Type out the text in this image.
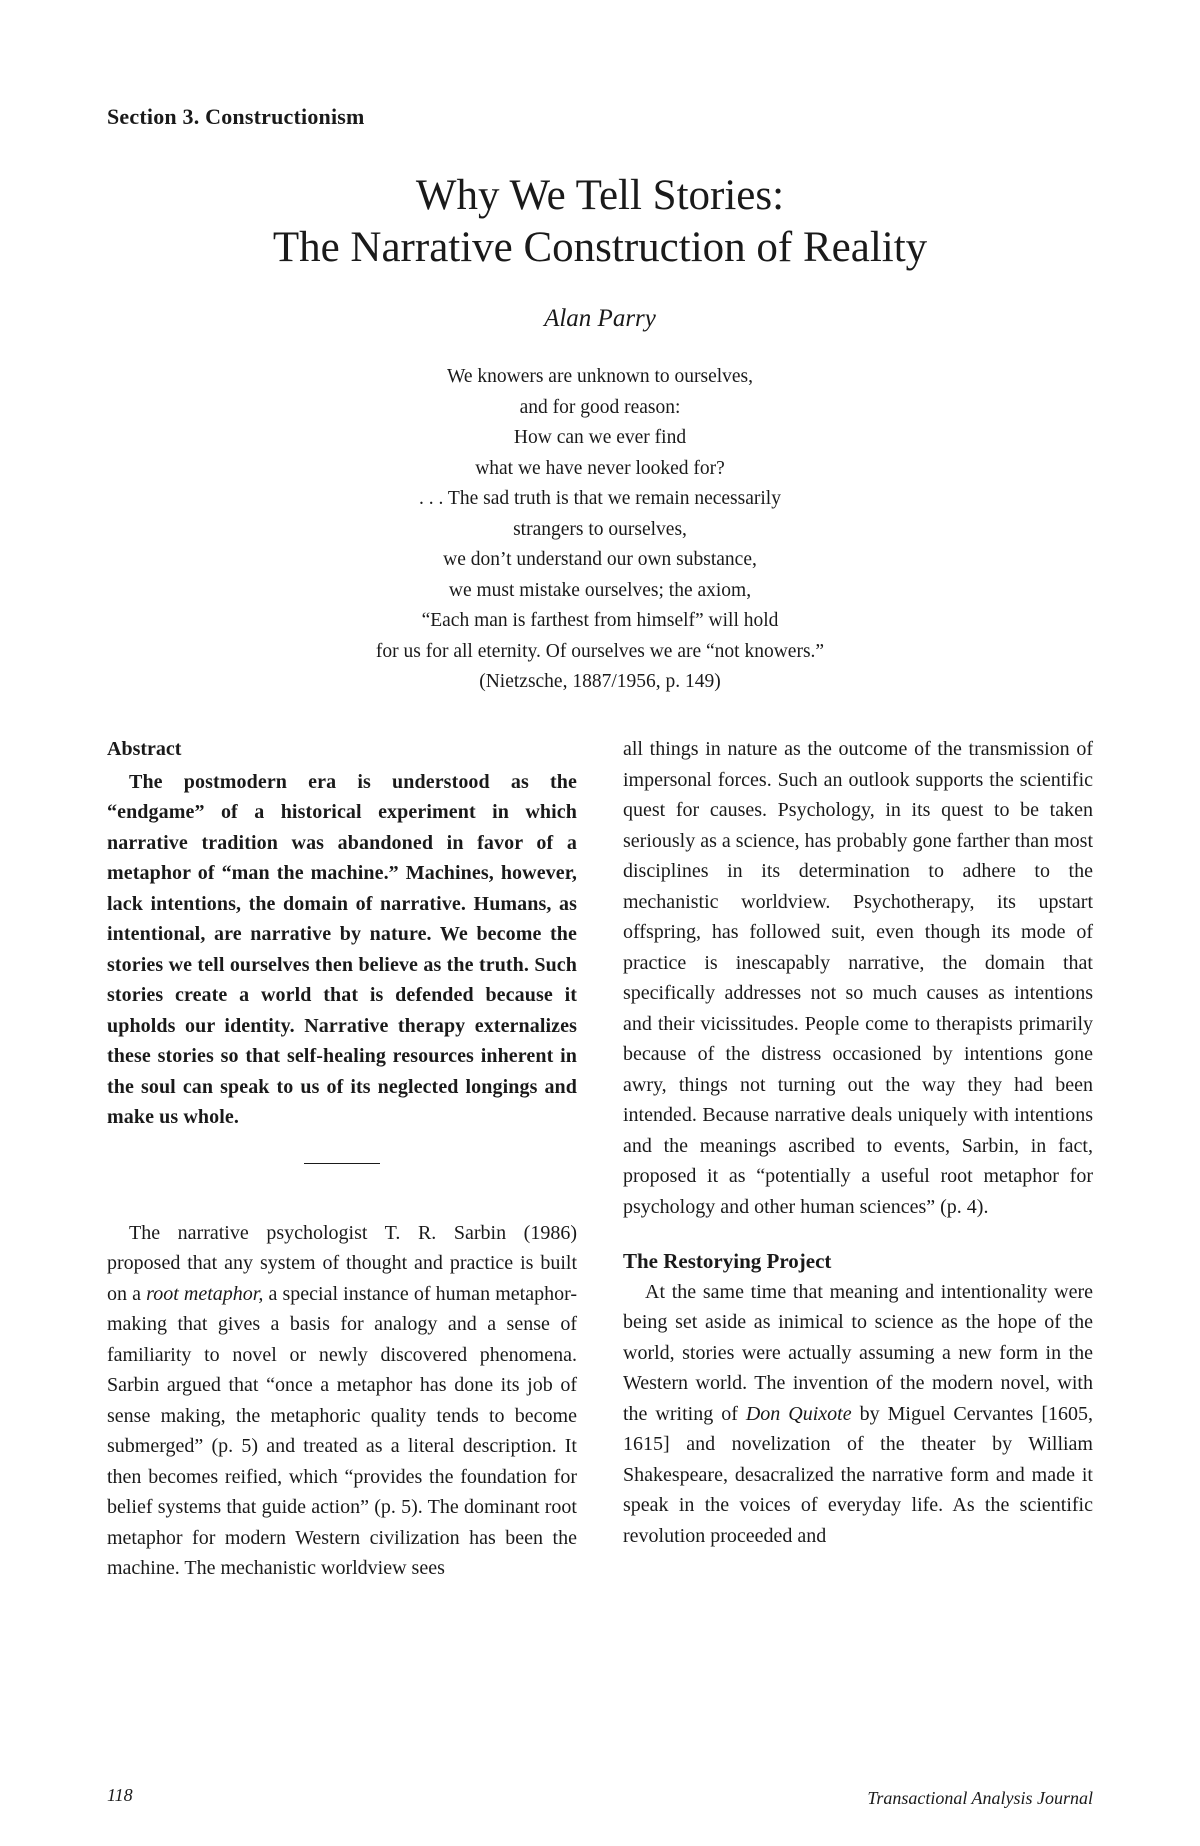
Section 3. Constructionism
Why We Tell Stories:
The Narrative Construction of Reality
Alan Parry
We knowers are unknown to ourselves,
and for good reason:
How can we ever find
what we have never looked for?
. . . The sad truth is that we remain necessarily
strangers to ourselves,
we don’t understand our own substance,
we must mistake ourselves; the axiom,
“Each man is farthest from himself” will hold
for us for all eternity. Of ourselves we are “not knowers.”
(Nietzsche, 1887/1956, p. 149)

Abstract

The postmodern era is understood as the “endgame” of a historical experiment in which narrative tradition was abandoned in favor of a metaphor of “man the machine.” Machines, however, lack intentions, the domain of narrative. Humans, as intentional, are narrative by nature. We become the stories we tell ourselves then believe as the truth. Such stories create a world that is defended because it upholds our identity. Narrative therapy externalizes these stories so that self-healing resources inherent in the soul can speak to us of its neglected longings and make us whole.

The narrative psychologist T. R. Sarbin (1986) proposed that any system of thought and practice is built on a root metaphor, a special instance of human metaphor-making that gives a basis for analogy and a sense of familiarity to novel or newly discovered phenomena. Sarbin argued that “once a metaphor has done its job of sense making, the metaphoric quality tends to become submerged” (p. 5) and treated as a literal description. It then becomes reified, which “provides the foundation for belief systems that guide action” (p. 5). The dominant root metaphor for modern Western civilization has been the machine. The mechanistic worldview sees

all things in nature as the outcome of the transmission of impersonal forces. Such an outlook supports the scientific quest for causes. Psychology, in its quest to be taken seriously as a science, has probably gone farther than most disciplines in its determination to adhere to the mechanistic worldview. Psychotherapy, its upstart offspring, has followed suit, even though its mode of practice is inescapably narrative, the domain that specifically addresses not so much causes as intentions and their vicissitudes. People come to therapists primarily because of the distress occasioned by intentions gone awry, things not turning out the way they had been intended. Because narrative deals uniquely with intentions and the meanings ascribed to events, Sarbin, in fact, proposed it as “potentially a useful root metaphor for psychology and other human sciences” (p. 4).

The Restorying Project

At the same time that meaning and intentionality were being set aside as inimical to science as the hope of the world, stories were actually assuming a new form in the Western world. The invention of the modern novel, with the writing of Don Quixote by Miguel Cervantes [1605, 1615] and novelization of the theater by William Shakespeare, desacralized the narrative form and made it speak in the voices of everyday life. As the scientific revolution proceeded and

118	Transactional Analysis Journal
